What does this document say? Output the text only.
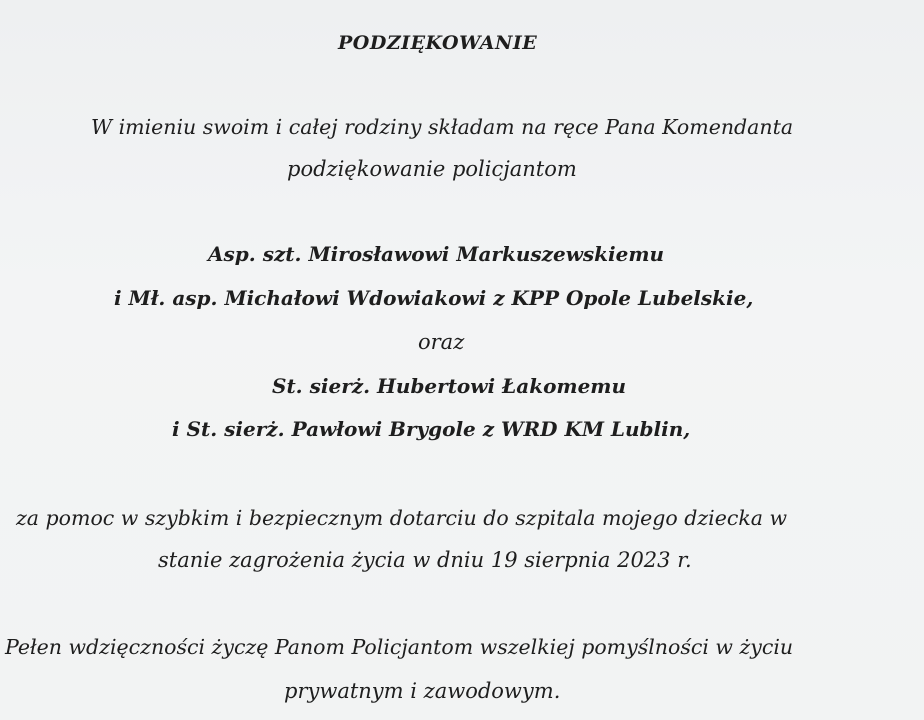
PODZIĘKOWANIE
W imieniu swoim i całej rodziny składam na ręce Pana Komendanta
podziękowanie policjantom
Asp. szt. Mirosławowi Markuszewskiemu
i Mł. asp. Michałowi Wdowiakowi z KPP Opole Lubelskie,
oraz
St. sierż. Hubertowi Łakomemu
i St. sierż. Pawłowi Brygole z WRD KM Lublin,
za pomoc w szybkim i bezpiecznym dotarciu do szpitala mojego dziecka w
stanie zagrożenia życia w dniu 19 sierpnia 2023 r.
Pełen wdzięczności życzę Panom Policjantom wszelkiej pomyślności w życiu
prywatnym i zawodowym.
